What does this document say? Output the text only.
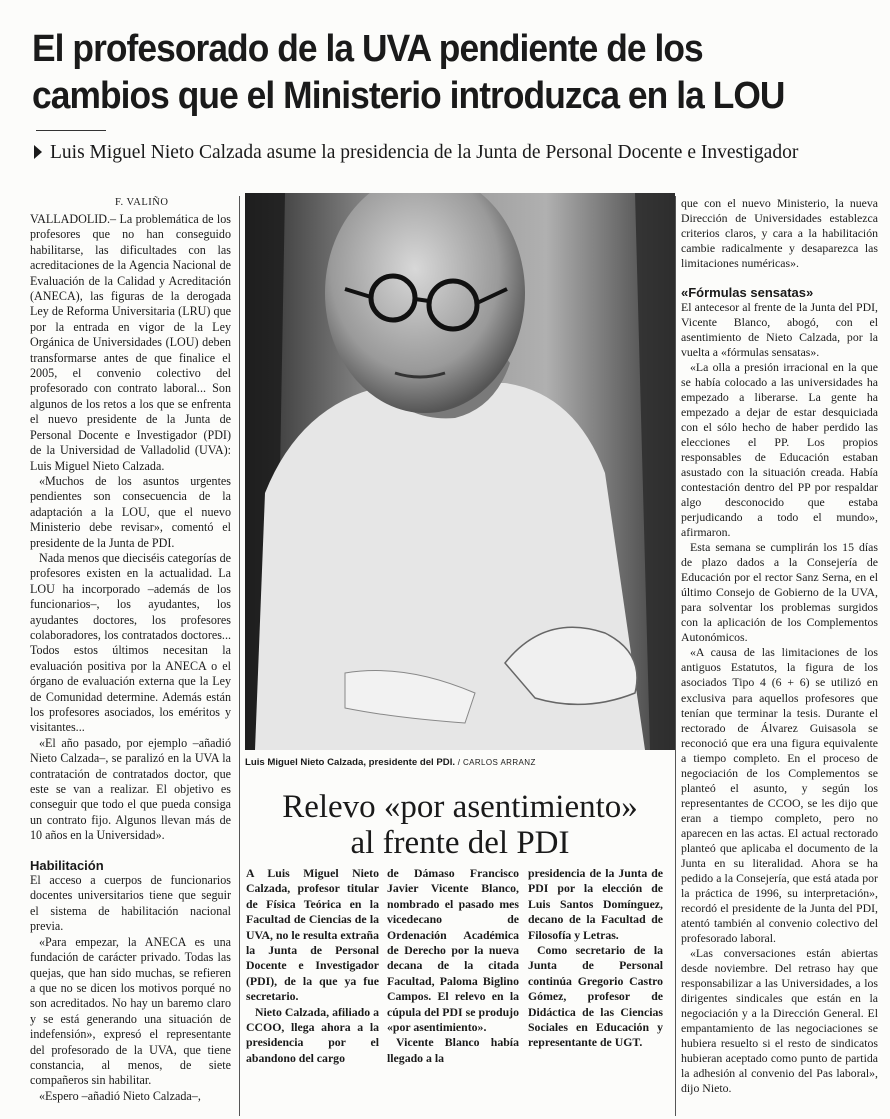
El profesorado de la UVA pendiente de los
cambios que el Ministerio introduzca en la LOU
Luis Miguel Nieto Calzada asume la presidencia de la Junta de Personal Docente e Investigador
F. VALIÑO

VALLADOLID.– La problemática de los profesores que no han conseguido habilitarse, las dificultades con las acreditaciones de la Agencia Nacional de Evaluación de la Calidad y Acreditación (ANECA), las figuras de la derogada Ley de Reforma Universitaria (LRU) que por la entrada en vigor de la Ley Orgánica de Universidades (LOU) deben transformarse antes de que finalice el 2005, el convenio colectivo del profesorado con contrato laboral... Son algunos de los retos a los que se enfrenta el nuevo presidente de la Junta de Personal Docente e Investigador (PDI) de la Universidad de Valladolid (UVA): Luis Miguel Nieto Calzada.

«Muchos de los asuntos urgentes pendientes son consecuencia de la adaptación a la LOU, que el nuevo Ministerio debe revisar», comentó el presidente de la Junta de PDI.

Nada menos que dieciséis categorías de profesores existen en la actualidad. La LOU ha incorporado –además de los funcionarios–, los ayudantes, los ayudantes doctores, los profesores colaboradores, los contratados doctores... Todos estos últimos necesitan la evaluación positiva por la ANECA o el órgano de evaluación externa que la Ley de Comunidad determine. Además están los profesores asociados, los eméritos y visitantes...

«El año pasado, por ejemplo –añadió Nieto Calzada–, se paralizó en la UVA la contratación de contratados doctor, que este se van a realizar. El objetivo es conseguir que todo el que pueda consiga un contrato fijo. Algunos llevan más de 10 años en la Universidad».

Habilitación

El acceso a cuerpos de funcionarios docentes universitarios tiene que seguir el sistema de habilitación nacional previa.

«Para empezar, la ANECA es una fundación de carácter privado. Todas las quejas, que han sido muchas, se refieren a que no se dicen los motivos porqué no son acreditados. No hay un baremo claro y se está generando una situación de indefensión», expresó el representante del profesorado de la UVA, que tiene constancia, al menos, de siete compañeros sin habilitar.

«Espero –añadió Nieto Calzada–,

Luis Miguel Nieto Calzada, presidente del PDI. / CARLOS ARRANZ
Relevo «por asentimiento»
al frente del PDI

A Luis Miguel Nieto Calzada, profesor titular de Física Teórica en la Facultad de Ciencias de la UVA, no le resulta extraña la Junta de Personal Docente e Investigador (PDI), de la que ya fue secretario.

Nieto Calzada, afiliado a CCOO, llega ahora a la presidencia por el abandono del cargo

de Dámaso Francisco Javier Vicente Blanco, nombrado el pasado mes vicedecano de Ordenación Académica de Derecho por la nueva decana de la citada Facultad, Paloma Biglino Campos. El relevo en la cúpula del PDI se produjo «por asentimiento».

Vicente Blanco había llegado a la

presidencia de la Junta de PDI por la elección de Luis Santos Domínguez, decano de la Facultad de Filosofía y Letras.

Como secretario de la Junta de Personal continúa Gregorio Castro Gómez, profesor de Didáctica de las Ciencias Sociales en Educación y representante de UGT.

que con el nuevo Ministerio, la nueva Dirección de Universidades establezca criterios claros, y cara a la habilitación cambie radicalmente y desaparezca las limitaciones numéricas».

«Fórmulas sensatas»

El antecesor al frente de la Junta del PDI, Vicente Blanco, abogó, con el asentimiento de Nieto Calzada, por la vuelta a «fórmulas sensatas».

«La olla a presión irracional en la que se había colocado a las universidades ha empezado a liberarse. La gente ha empezado a dejar de estar desquiciada con el sólo hecho de haber perdido las elecciones el PP. Los propios responsables de Educación estaban asustado con la situación creada. Había contestación dentro del PP por respaldar algo desconocido que estaba perjudicando a todo el mundo», afirmaron.

Esta semana se cumplirán los 15 días de plazo dados a la Consejería de Educación por el rector Sanz Serna, en el último Consejo de Gobierno de la UVA, para solventar los problemas surgidos con la aplicación de los Complementos Autonómicos.

«A causa de las limitaciones de los antiguos Estatutos, la figura de los asociados Tipo 4 (6 + 6) se utilizó en exclusiva para aquellos profesores que tenían que terminar la tesis. Durante el rectorado de Álvarez Guisasola se reconoció que era una figura equivalente a tiempo completo. En el proceso de negociación de los Complementos se planteó el asunto, y según los representantes de CCOO, se les dijo que eran a tiempo completo, pero no aparecen en las actas. El actual rectorado planteó que aplicaba el documento de la Junta en su literalidad. Ahora se ha pedido a la Consejería, que está atada por la práctica de 1996, su interpretación», recordó el presidente de la Junta del PDI, atentó también al convenio colectivo del profesorado laboral.

«Las conversaciones están abiertas desde noviembre. Del retraso hay que responsabilizar a las Universidades, a los dirigentes sindicales que están en la negociación y a la Dirección General. El empantamiento de las negociaciones se hubiera resuelto si el resto de sindicatos hubieran aceptado como punto de partida la adhesión al convenio del Pas laboral», dijo Nieto.
